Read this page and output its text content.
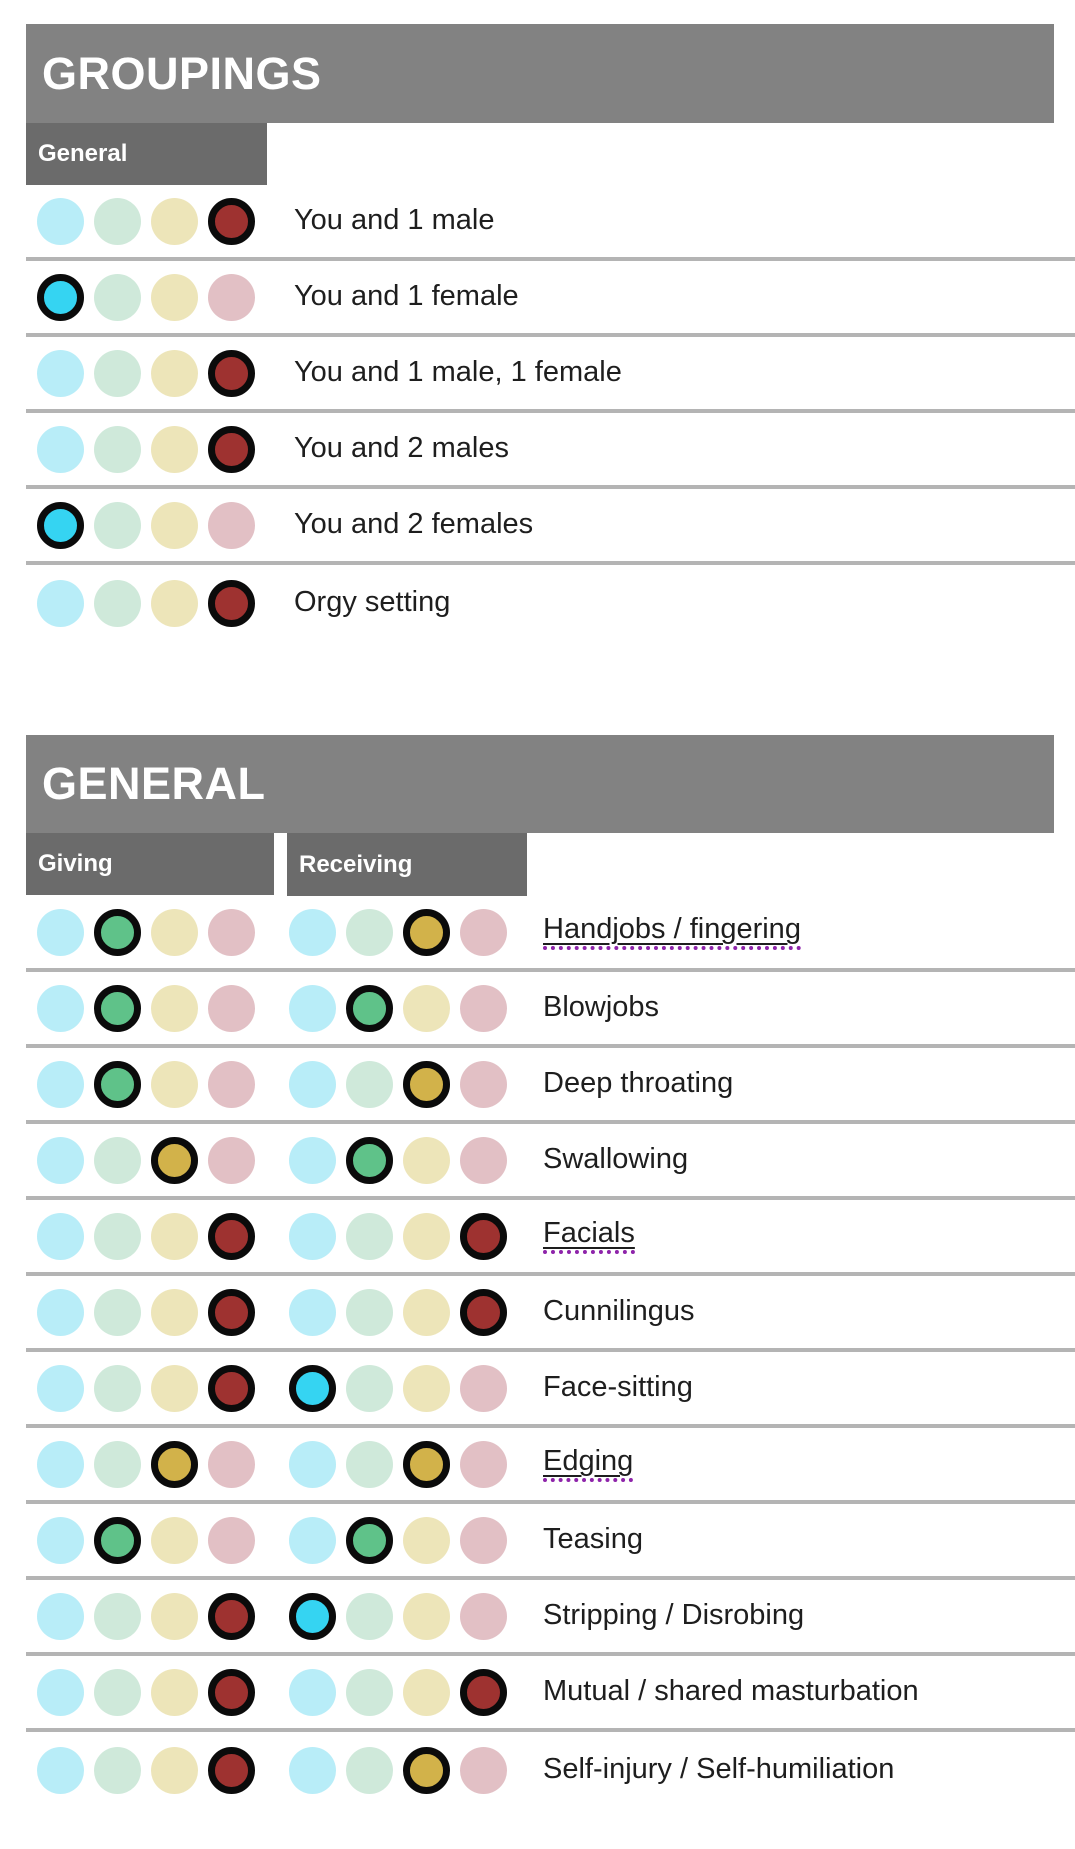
GROUPINGS
General
You and 1 male
You and 1 female
You and 1 male, 1 female
You and 2 males
You and 2 females
Orgy setting
GENERAL
Giving	Receiving
Handjobs / fingering
Blowjobs
Deep throating
Swallowing
Facials
Cunnilingus
Face-sitting
Edging
Teasing
Stripping / Disrobing
Mutual / shared masturbation
Self-injury / Self-humiliation
